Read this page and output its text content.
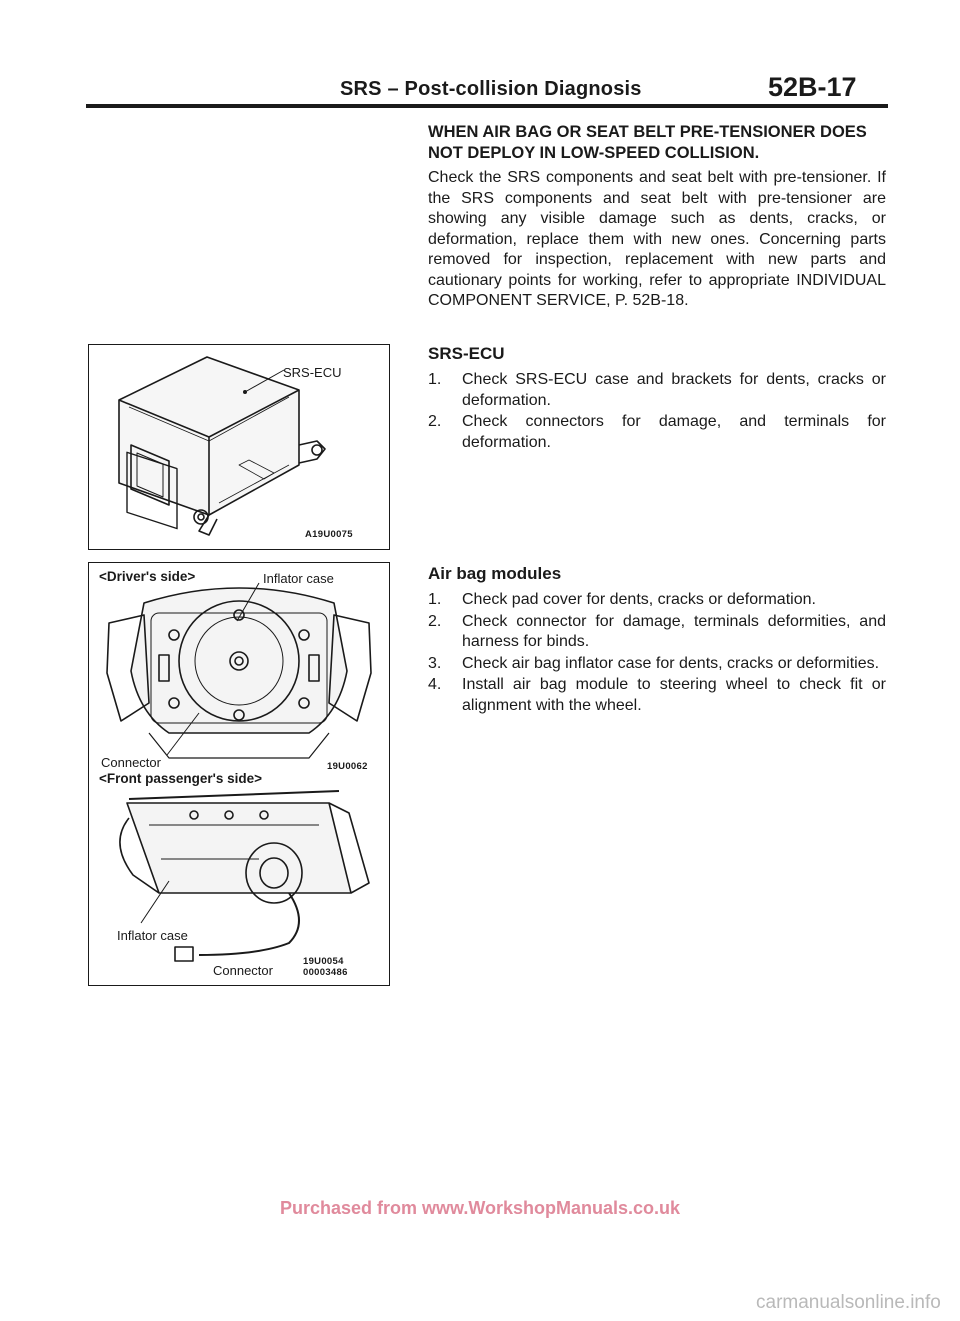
SRS – Post-collision Diagnosis	52B-17
WHEN AIR BAG OR SEAT BELT PRE-TENSIONER DOES NOT DEPLOY IN LOW-SPEED COLLISION.
Check the SRS components and seat belt with pre-tensioner. If the SRS components and seat belt with pre-tensioner are showing any visible damage such as dents, cracks, or deformation, replace them with new ones. Concerning parts removed for inspection, replacement with new parts and cautionary points for working, refer to appropriate INDIVIDUAL COMPONENT SERVICE, P. 52B-18.
SRS-ECU
1. Check SRS-ECU case and brackets for dents, cracks or deformation.
2. Check connectors for damage, and terminals for deformation.
Air bag modules
1. Check pad cover for dents, cracks or deformation.
2. Check connector for damage, terminals deformities, and harness for binds.
3. Check air bag inflator case for dents, cracks or deformities.
4. Install air bag module to steering wheel to check fit or alignment with the wheel.
SRS-ECU
A19U0075
<Driver's side>	Inflator case
Connector	19U0062
<Front passenger's side>
Inflator case
Connector
19U0054
00003486
Purchased from www.WorkshopManuals.co.uk
carmanualsonline.info
